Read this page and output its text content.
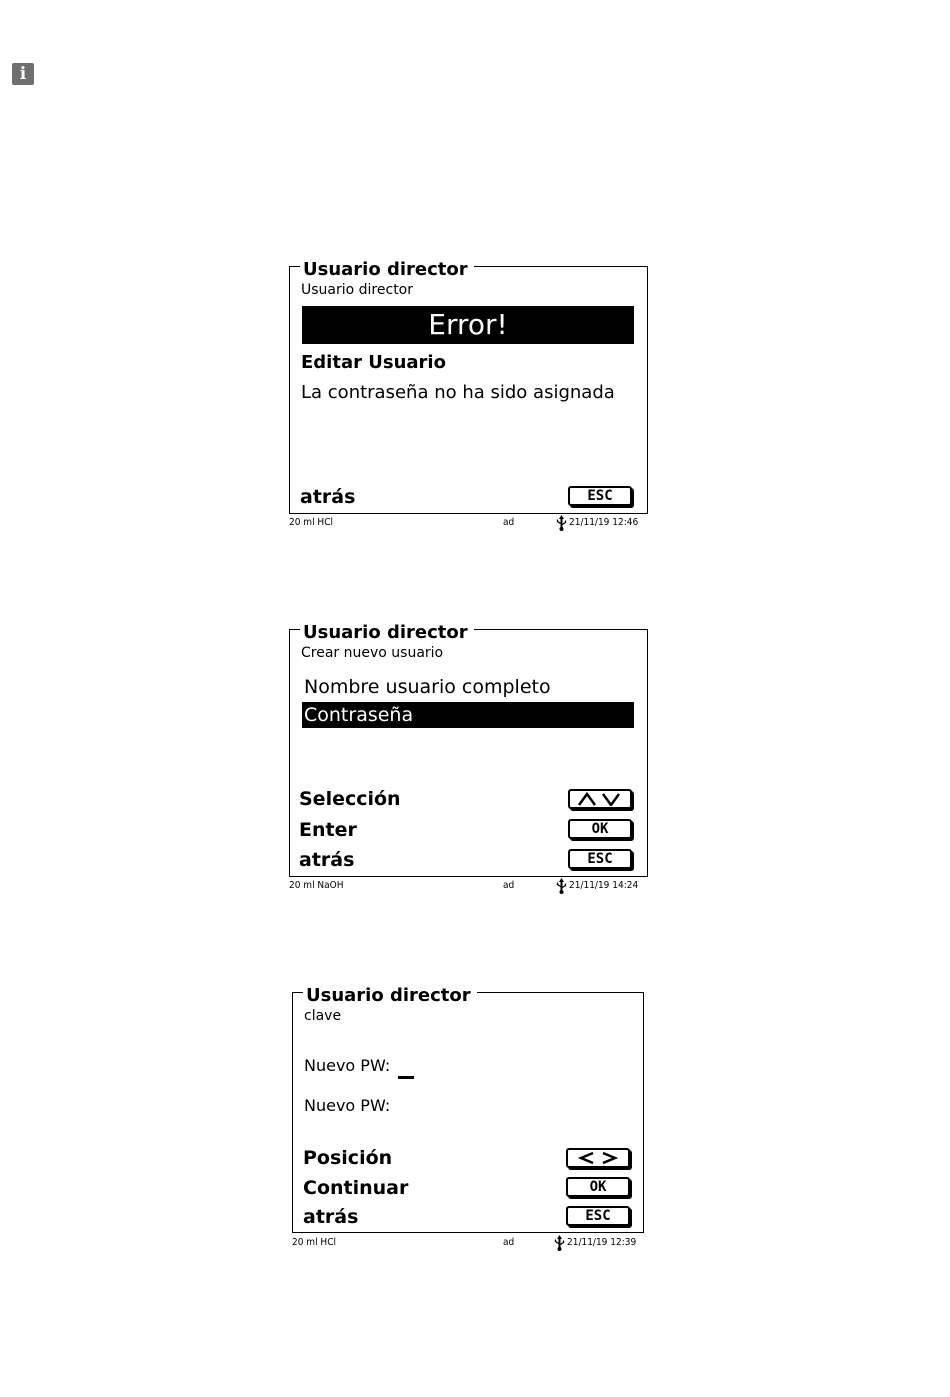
i
Usuario director
Usuario director
Error!
Editar Usuario
La contraseña no ha sido asignada
atrás	ESC
20 ml HCl	ad	21/11/19 12:46
Usuario director
Crear nuevo usuario
Nombre usuario completo
Contraseña
Selección
Enter	OK
atrás	ESC
20 ml NaOH	ad	21/11/19 14:24
Usuario director
clave
Nuevo PW:
Nuevo PW:
Posición
Continuar	OK
atrás	ESC
20 ml HCl	ad	21/11/19 12:39
